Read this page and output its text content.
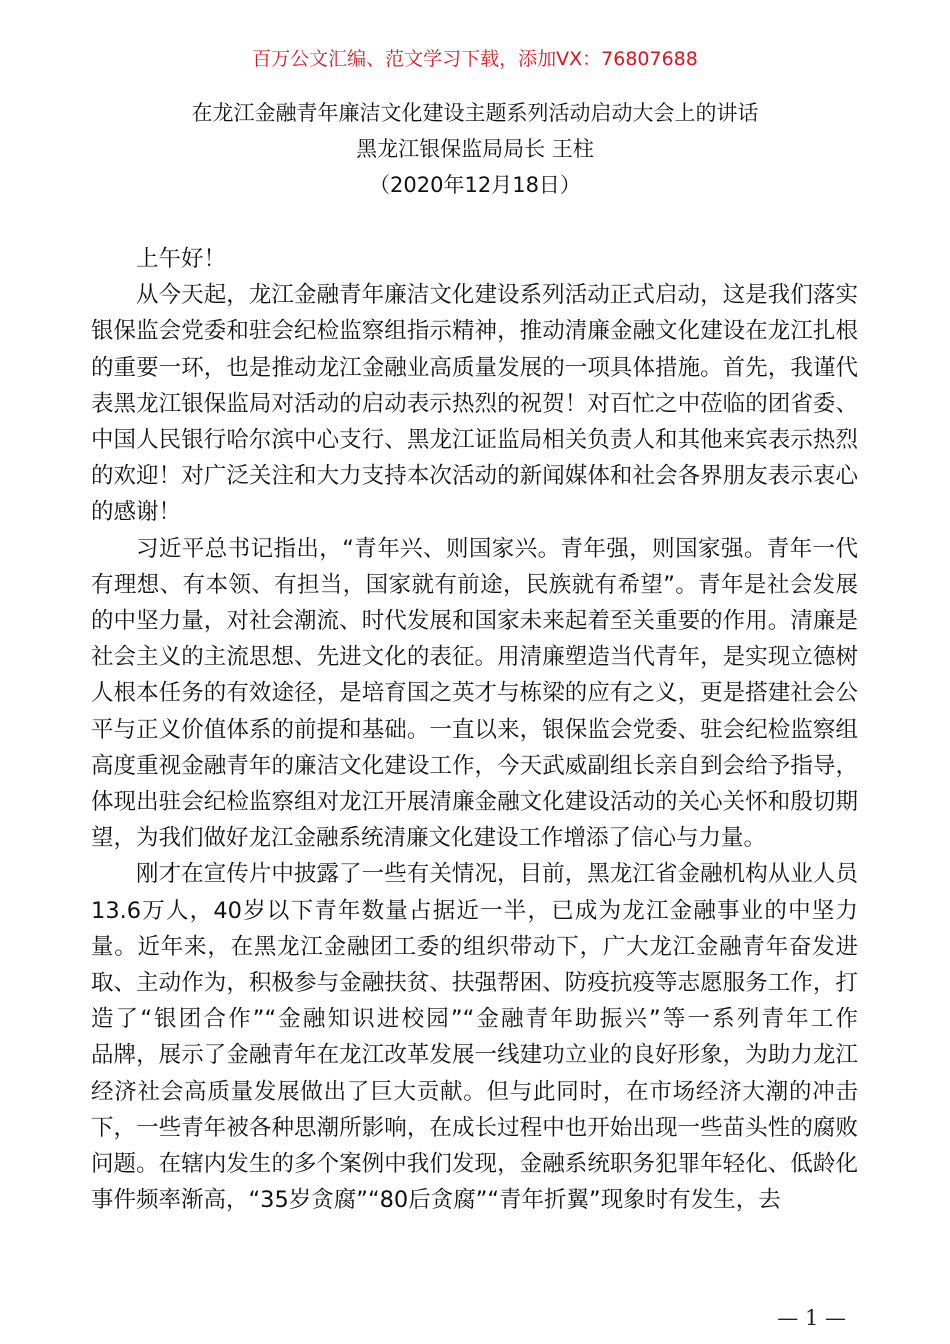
百万公文汇编、范文学习下载，添加VX：76807688
在龙江金融青年廉洁文化建设主题系列活动启动大会上的讲话
黑龙江银保监局局长 王柱
（2020年12月18日）

上午好！

从今天起，龙江金融青年廉洁文化建设系列活动正式启动，这是我们落实
银保监会党委和驻会纪检监察组指示精神，推动清廉金融文化建设在龙江扎根
的重要一环，也是推动龙江金融业高质量发展的一项具体措施。首先，我谨代
表黑龙江银保监局对活动的启动表示热烈的祝贺！对百忙之中莅临的团省委、
中国人民银行哈尔滨中心支行、黑龙江证监局相关负责人和其他来宾表示热烈
的欢迎！对广泛关注和大力支持本次活动的新闻媒体和社会各界朋友表示衷心
的感谢！

习近平总书记指出，“青年兴、则国家兴。青年强，则国家强。青年一代
有理想、有本领、有担当，国家就有前途，民族就有希望”。青年是社会发展
的中坚力量，对社会潮流、时代发展和国家未来起着至关重要的作用。清廉是
社会主义的主流思想、先进文化的表征。用清廉塑造当代青年，是实现立德树
人根本任务的有效途径，是培育国之英才与栋梁的应有之义，更是搭建社会公
平与正义价值体系的前提和基础。一直以来，银保监会党委、驻会纪检监察组
高度重视金融青年的廉洁文化建设工作，今天武威副组长亲自到会给予指导，
体现出驻会纪检监察组对龙江开展清廉金融文化建设活动的关心关怀和殷切期
望，为我们做好龙江金融系统清廉文化建设工作增添了信心与力量。

刚才在宣传片中披露了一些有关情况，目前，黑龙江省金融机构从业人员
13.6万人，40岁以下青年数量占据近一半，已成为龙江金融事业的中坚力
量。近年来，在黑龙江金融团工委的组织带动下，广大龙江金融青年奋发进
取、主动作为，积极参与金融扶贫、扶强帮困、防疫抗疫等志愿服务工作，打
造了“银团合作”“金融知识进校园”“金融青年助振兴”等一系列青年工作
品牌，展示了金融青年在龙江改革发展一线建功立业的良好形象，为助力龙江
经济社会高质量发展做出了巨大贡献。但与此同时，在市场经济大潮的冲击
下，一些青年被各种思潮所影响，在成长过程中也开始出现一些苗头性的腐败
问题。在辖内发生的多个案例中我们发现，金融系统职务犯罪年轻化、低龄化
事件频率渐高，“35岁贪腐”“80后贪腐”“青年折翼”现象时有发生，去

— 1 —
